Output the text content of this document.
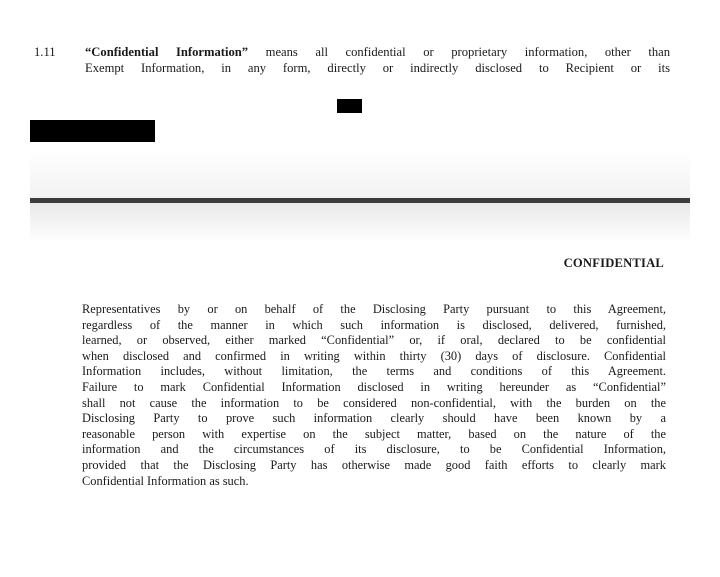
1.11	“Confidential Information” means all confidential or proprietary information, other than
Exempt Information, in any form, directly or indirectly disclosed to Recipient or its
CONFIDENTIAL
Representatives by or on behalf of the Disclosing Party pursuant to this Agreement,
regardless of the manner in which such information is disclosed, delivered, furnished,
learned, or observed, either marked “Confidential” or, if oral, declared to be confidential
when disclosed and confirmed in writing within thirty (30) days of disclosure. Confidential
Information includes, without limitation, the terms and conditions of this Agreement.
Failure to mark Confidential Information disclosed in writing hereunder as “Confidential”
shall not cause the information to be considered non-confidential, with the burden on the
Disclosing Party to prove such information clearly should have been known by a
reasonable person with expertise on the subject matter, based on the nature of the
information and the circumstances of its disclosure, to be Confidential Information,
provided that the Disclosing Party has otherwise made good faith efforts to clearly mark
Confidential Information as such.
